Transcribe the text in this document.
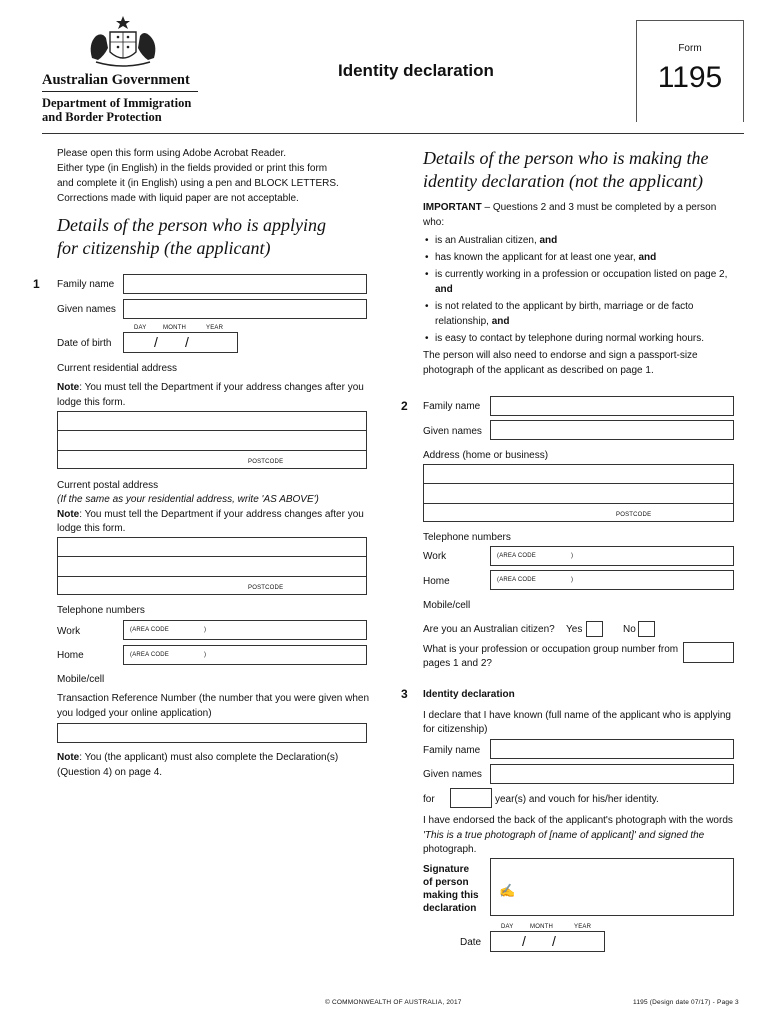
Australian Government
Department of Immigration
and Border Protection
Identity declaration
Form
1195
Please open this form using Adobe Acrobat Reader.
Either type (in English) in the fields provided or print this form
and complete it (in English) using a pen and BLOCK LETTERS.
Corrections made with liquid paper are not acceptable.
Details of the person who is applying
for citizenship (the applicant)
1 Family name
Given names
DAY	MONTH	YEAR
Date of birth	/ /
Current residential address
Note: You must tell the Department if your address changes after you
lodge this form.
POSTCODE
Current postal address
(If the same as your residential address, write 'AS ABOVE')
Note: You must tell the Department if your address changes after you
lodge this form.
POSTCODE
Telephone numbers
Work	(AREA CODE	)
Home	(AREA CODE	)
Mobile/cell
Transaction Reference Number (the number that you were given when
you lodged your online application)
Note: You (the applicant) must also complete the Declaration(s)
(Question 4) on page 4.
Details of the person who is making the
identity declaration (not the applicant)
IMPORTANT – Questions 2 and 3 must be completed by a person
who:
• is an Australian citizen, and
• has known the applicant for at least one year, and
• is currently working in a profession or occupation listed on page 2,
and
• is not related to the applicant by birth, marriage or de facto relationship, and
• is easy to contact by telephone during normal working hours.
The person will also need to endorse and sign a passport-size
photograph of the applicant as described on page 1.
2 Family name
Given names
Address (home or business)
POSTCODE
Telephone numbers
Work	(AREA CODE	)
Home	(AREA CODE	)
Mobile/cell
Are you an Australian citizen? Yes	No
What is your profession or occupation group number from
pages 1 and 2?
3 Identity declaration
I declare that I have known (full name of the applicant who is applying
for citizenship)
Family name
Given names
for	year(s) and vouch for his/her identity.
I have endorsed the back of the applicant's photograph with the words
'This is a true photograph of [name of applicant]' and signed the
photograph.
Signature
of person
making this
declaration
✍
DAY	MONTH	YEAR
Date	/ /
© COMMONWEALTH OF AUSTRALIA, 2017	1195 (Design date 07/17) - Page 3
